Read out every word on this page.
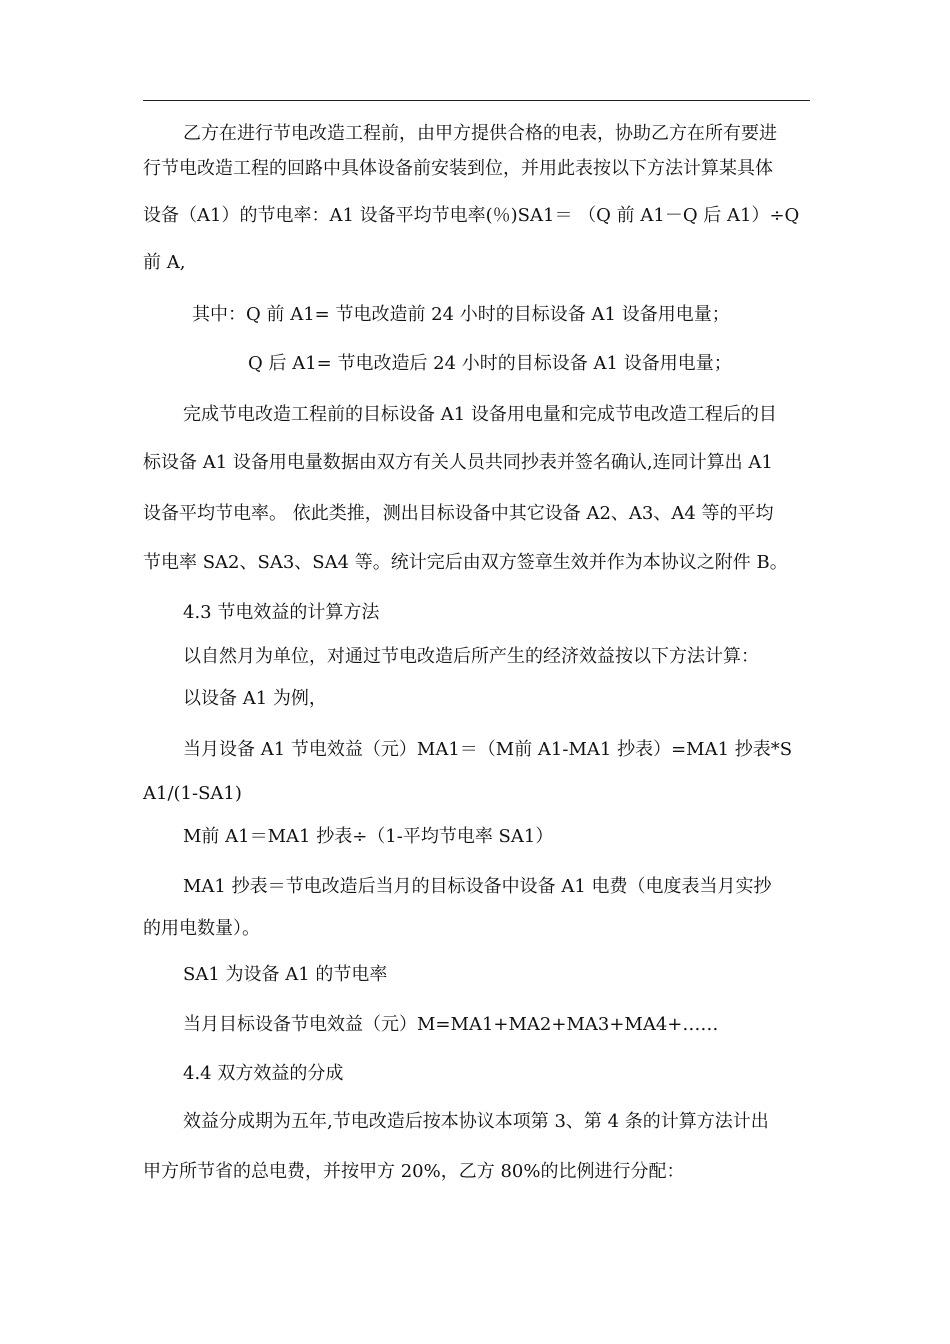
乙方在进行节电改造工程前，由甲方提供合格的电表，协助乙方在所有要进
行节电改造工程的回路中具体设备前安装到位，并用此表按以下方法计算某具体
设备（A1）的节电率：A1 设备平均节电率(％)SA1＝ （Q 前 A1－Q 后 A1）÷Q
前 A,
其中：Q 前 A1= 节电改造前 24 小时的目标设备 A1 设备用电量；
Q 后 A1= 节电改造后 24 小时的目标设备 A1 设备用电量；
完成节电改造工程前的目标设备 A1 设备用电量和完成节电改造工程后的目
标设备 A1 设备用电量数据由双方有关人员共同抄表并签名确认,连同计算出 A1
设备平均节电率。 依此类推，测出目标设备中其它设备 A2、A3、A4 等的平均
节电率 SA2、SA3、SA4 等。统计完后由双方签章生效并作为本协议之附件 B。
4.3 节电效益的计算方法
以自然月为单位，对通过节电改造后所产生的经济效益按以下方法计算：
以设备 A1 为例，
当月设备 A1 节电效益（元）MA1＝（M前 A1-MA1 抄表）=MA1 抄表*S
A1/(1-SA1)
M前 A1＝MA1 抄表÷（1-平均节电率 SA1）
MA1 抄表＝节电改造后当月的目标设备中设备 A1 电费（电度表当月实抄
的用电数量）。
SA1 为设备 A1 的节电率
当月目标设备节电效益（元）M=MA1+MA2+MA3+MA4+……
4.4 双方效益的分成
效益分成期为五年,节电改造后按本协议本项第 3、第 4 条的计算方法计出
甲方所节省的总电费，并按甲方 20%，乙方 80%的比例进行分配：
